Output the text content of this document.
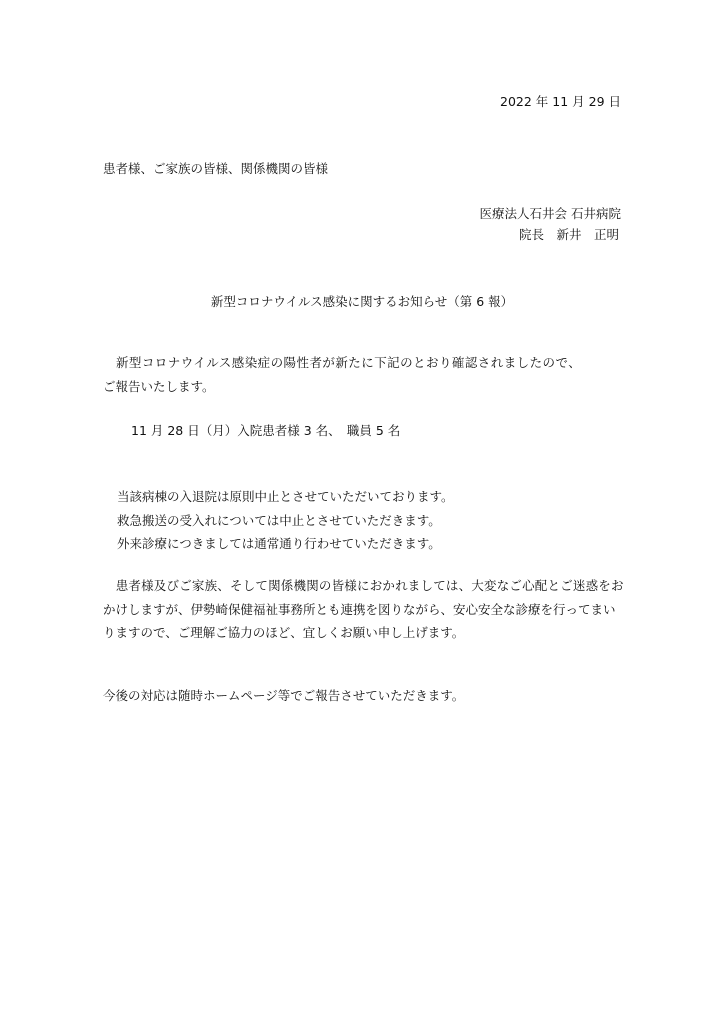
2022 年 11 月 29 日
患者様、ご家族の皆様、関係機関の皆様
医療法人石井会 石井病院
院長　新井　正明
新型コロナウイルス感染に関するお知らせ（第 6 報）
　新型コロナウイルス感染症の陽性者が新たに下記のとおり確認されましたので、
ご報告いたします。
11 月 28 日（月）入院患者様 3 名、　職員 5 名
当該病棟の入退院は原則中止とさせていただいております。
救急搬送の受入れについては中止とさせていただきます。
外来診療につきましては通常通り行わせていただきます。
　患者様及びご家族、そして関係機関の皆様におかれましては、大変なご心配とご迷惑をお
かけしますが、伊勢崎保健福祉事務所とも連携を図りながら、安心安全な診療を行ってまい
りますので、ご理解ご協力のほど、宜しくお願い申し上げます。
今後の対応は随時ホームページ等でご報告させていただきます。
